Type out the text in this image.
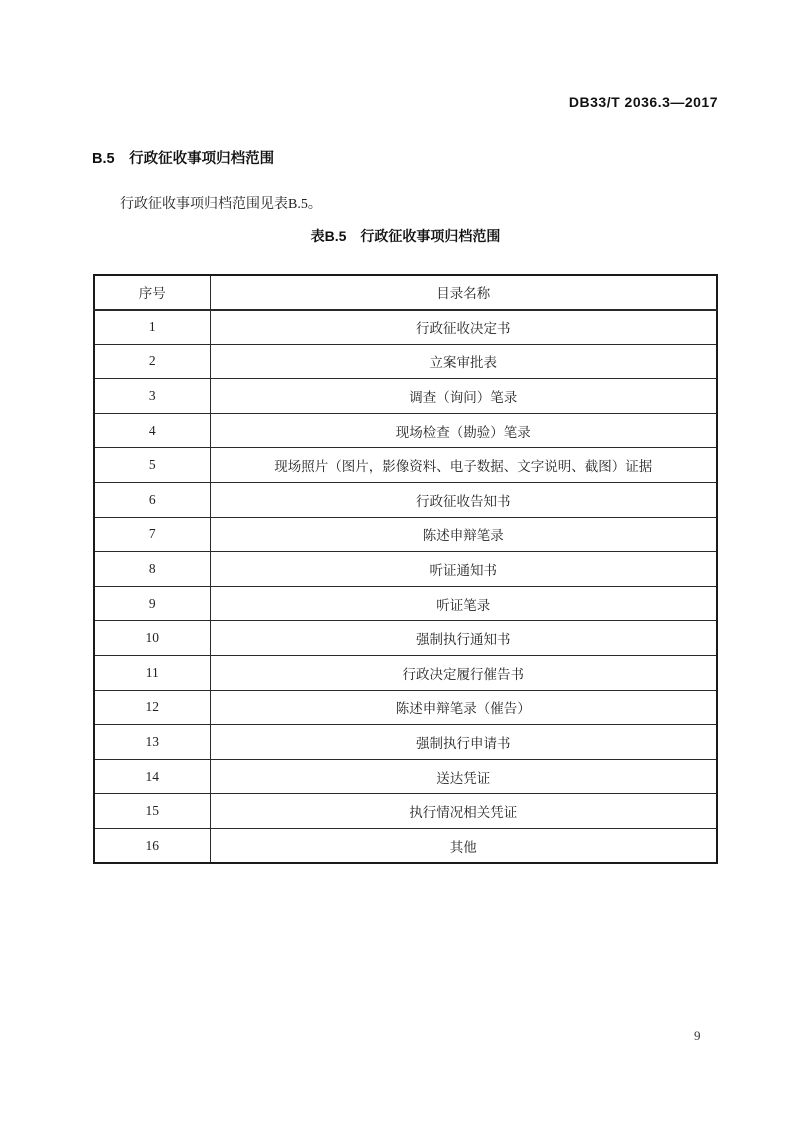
DB33/T 2036.3—2017
B.5　行政征收事项归档范围
行政征收事项归档范围见表B.5。
表B.5　行政征收事项归档范围
序号	目录名称
1	行政征收决定书
2	立案审批表
3	调查（询问）笔录
4	现场检查（勘验）笔录
5	现场照片（图片，影像资料、电子数据、文字说明、截图）证据
6	行政征收告知书
7	陈述申辩笔录
8	听证通知书
9	听证笔录
10	强制执行通知书
11	行政决定履行催告书
12	陈述申辩笔录（催告）
13	强制执行申请书
14	送达凭证
15	执行情况相关凭证
16	其他
9
